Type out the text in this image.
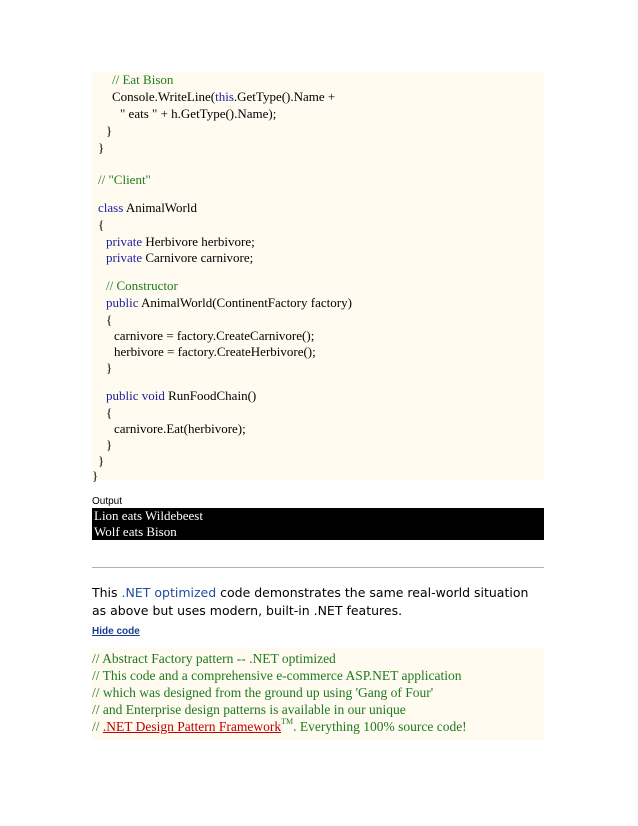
// Eat Bison
Console.WriteLine(this.GetType().Name +
" eats " + h.GetType().Name);
}
}
// "Client"
class AnimalWorld
{
private Herbivore herbivore;
private Carnivore carnivore;
// Constructor
public AnimalWorld(ContinentFactory factory)
{
carnivore = factory.CreateCarnivore();
herbivore = factory.CreateHerbivore();
}
public void RunFoodChain()
{
carnivore.Eat(herbivore);
}
}
}
Output
Lion eats Wildebeest
Wolf eats Bison
This .NET optimized code demonstrates the same real-world situation as above but uses modern, built-in .NET features.
Hide code
// Abstract Factory pattern -- .NET optimized
// This code and a comprehensive e-commerce ASP.NET application
// which was designed from the ground up using 'Gang of Four'
// and Enterprise design patterns is available in our unique
// .NET Design Pattern Framework™. Everything 100% source code!
